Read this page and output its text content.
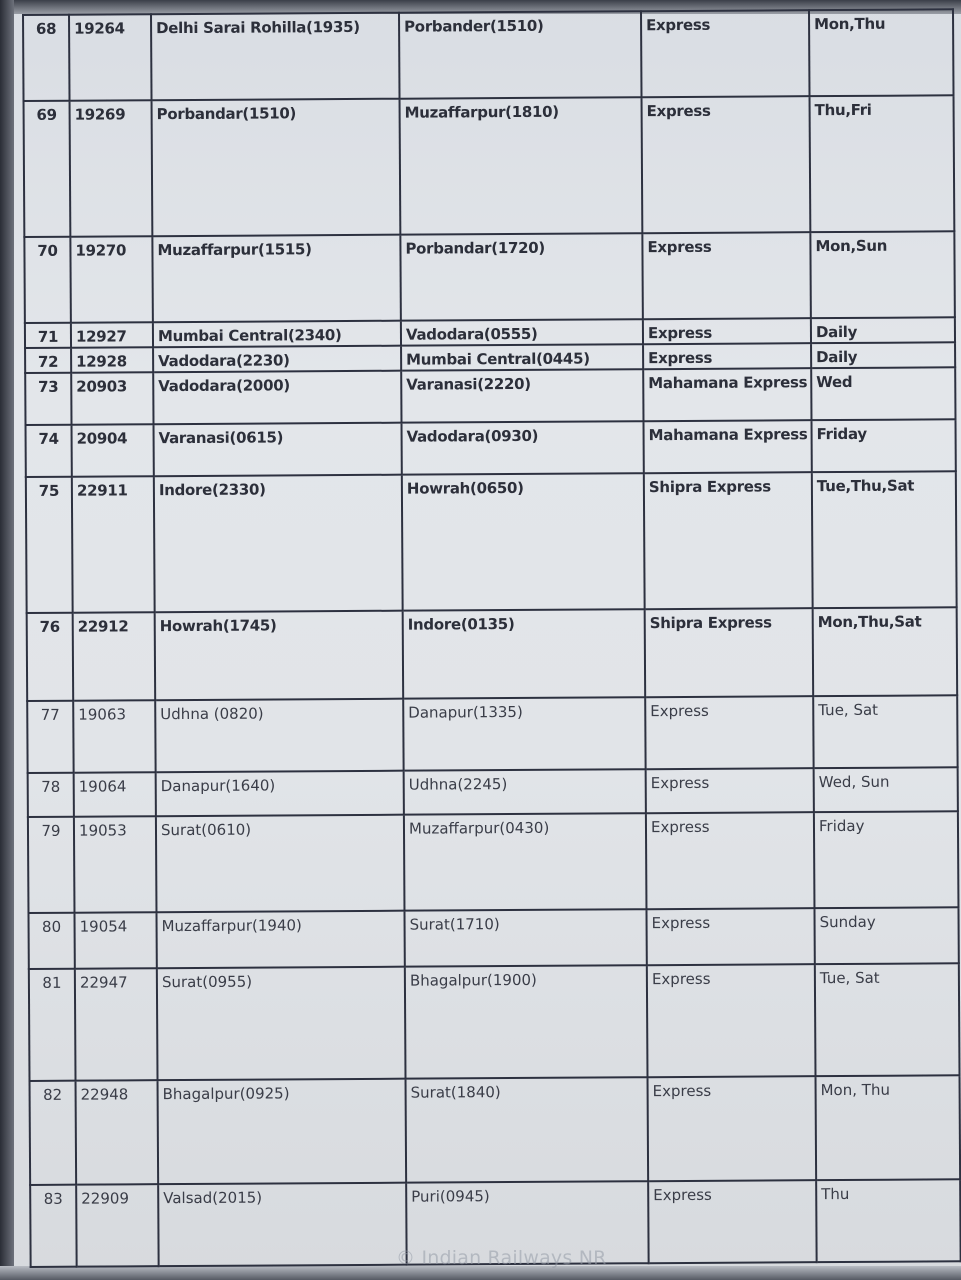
68	19264	Delhi Sarai Rohilla(1935)	Porbander(1510)	Express	Mon,Thu
69	19269	Porbandar(1510)	Muzaffarpur(1810)	Express	Thu,Fri
70	19270	Muzaffarpur(1515)	Porbandar(1720)	Express	Mon,Sun
71	12927	Mumbai Central(2340)	Vadodara(0555)	Express	Daily
72	12928	Vadodara(2230)	Mumbai Central(0445)	Express	Daily
73	20903	Vadodara(2000)	Varanasi(2220)	Mahamana Express	Wed
74	20904	Varanasi(0615)	Vadodara(0930)	Mahamana Express	Friday
75	22911	Indore(2330)	Howrah(0650)	Shipra Express	Tue,Thu,Sat
76	22912	Howrah(1745)	Indore(0135)	Shipra Express	Mon,Thu,Sat
77	19063	Udhna (0820)	Danapur(1335)	Express	Tue, Sat
78	19064	Danapur(1640)	Udhna(2245)	Express	Wed, Sun
79	19053	Surat(0610)	Muzaffarpur(0430)	Express	Friday
80	19054	Muzaffarpur(1940)	Surat(1710)	Express	Sunday
81	22947	Surat(0955)	Bhagalpur(1900)	Express	Tue, Sat
82	22948	Bhagalpur(0925)	Surat(1840)	Express	Mon, Thu
83	22909	Valsad(2015)	Puri(0945)	Express	Thu
© Indian Railways NR
